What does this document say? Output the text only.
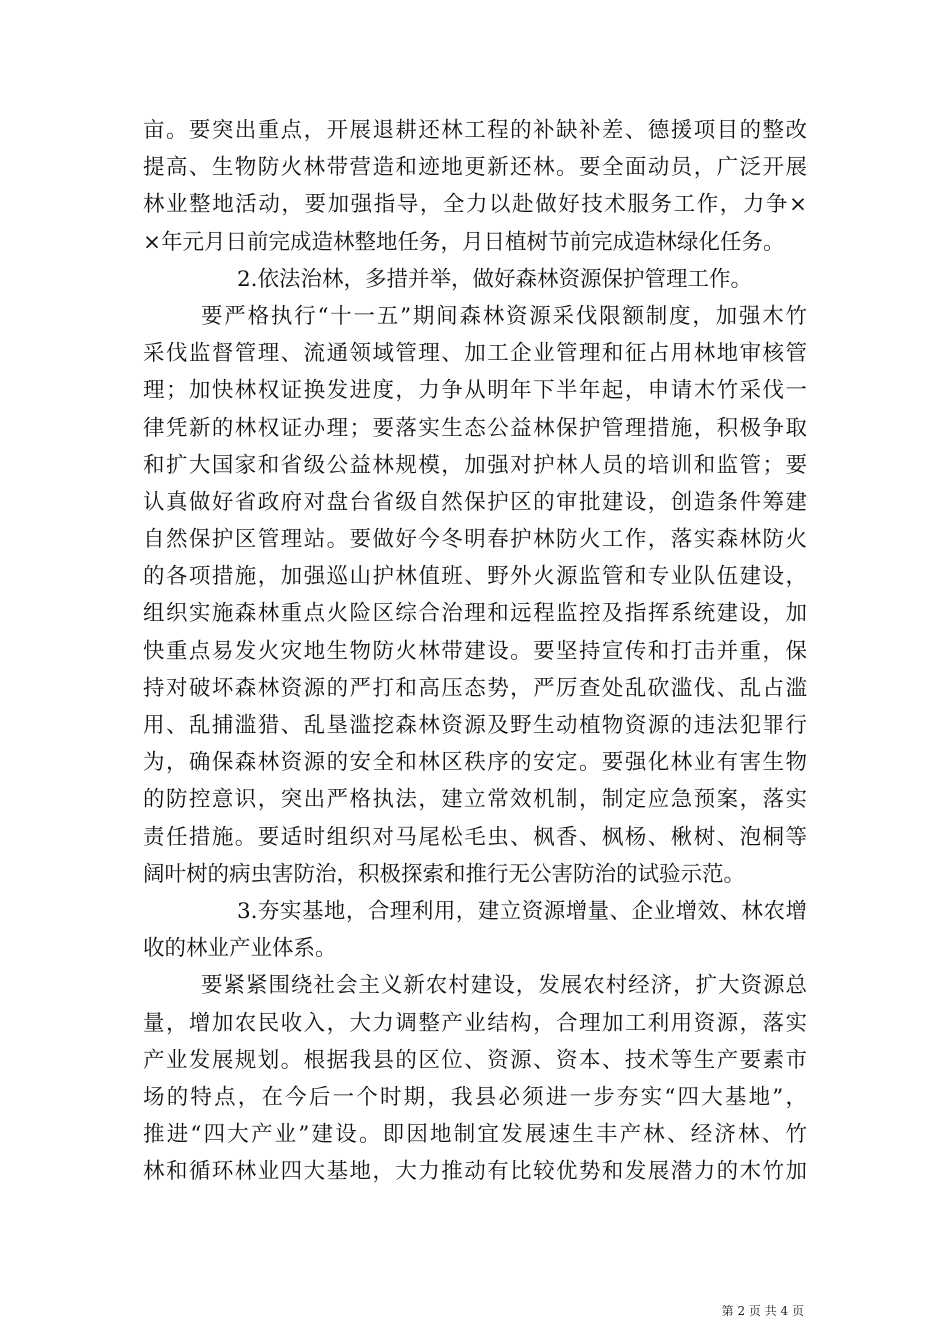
亩。要突出重点，开展退耕还林工程的补缺补差、德援项目的整改
提高、生物防火林带营造和迹地更新还林。要全面动员，广泛开展
林业整地活动，要加强指导，全力以赴做好技术服务工作，力争×
×年元月日前完成造林整地任务，月日植树节前完成造林绿化任务。
2.依法治林，多措并举，做好森林资源保护管理工作。
要严格执行“十一五”期间森林资源采伐限额制度，加强木竹
采伐监督管理、流通领域管理、加工企业管理和征占用林地审核管
理；加快林权证换发进度，力争从明年下半年起，申请木竹采伐一
律凭新的林权证办理；要落实生态公益林保护管理措施，积极争取
和扩大国家和省级公益林规模，加强对护林人员的培训和监管；要
认真做好省政府对盘台省级自然保护区的审批建设，创造条件筹建
自然保护区管理站。要做好今冬明春护林防火工作，落实森林防火
的各项措施，加强巡山护林值班、野外火源监管和专业队伍建设，
组织实施森林重点火险区综合治理和远程监控及指挥系统建设，加
快重点易发火灾地生物防火林带建设。要坚持宣传和打击并重，保
持对破坏森林资源的严打和高压态势，严厉查处乱砍滥伐、乱占滥
用、乱捕滥猎、乱垦滥挖森林资源及野生动植物资源的违法犯罪行
为，确保森林资源的安全和林区秩序的安定。要强化林业有害生物
的防控意识，突出严格执法，建立常效机制，制定应急预案，落实
责任措施。要适时组织对马尾松毛虫、枫香、枫杨、楸树、泡桐等
阔叶树的病虫害防治，积极探索和推行无公害防治的试验示范。
3.夯实基地，合理利用，建立资源增量、企业增效、林农增
收的林业产业体系。
要紧紧围绕社会主义新农村建设，发展农村经济，扩大资源总
量，增加农民收入，大力调整产业结构，合理加工利用资源，落实
产业发展规划。根据我县的区位、资源、资本、技术等生产要素市
场的特点，在今后一个时期，我县必须进一步夯实“四大基地”，
推进“四大产业”建设。即因地制宜发展速生丰产林、经济林、竹
林和循环林业四大基地，大力推动有比较优势和发展潜力的木竹加
第 2 页 共 4 页
